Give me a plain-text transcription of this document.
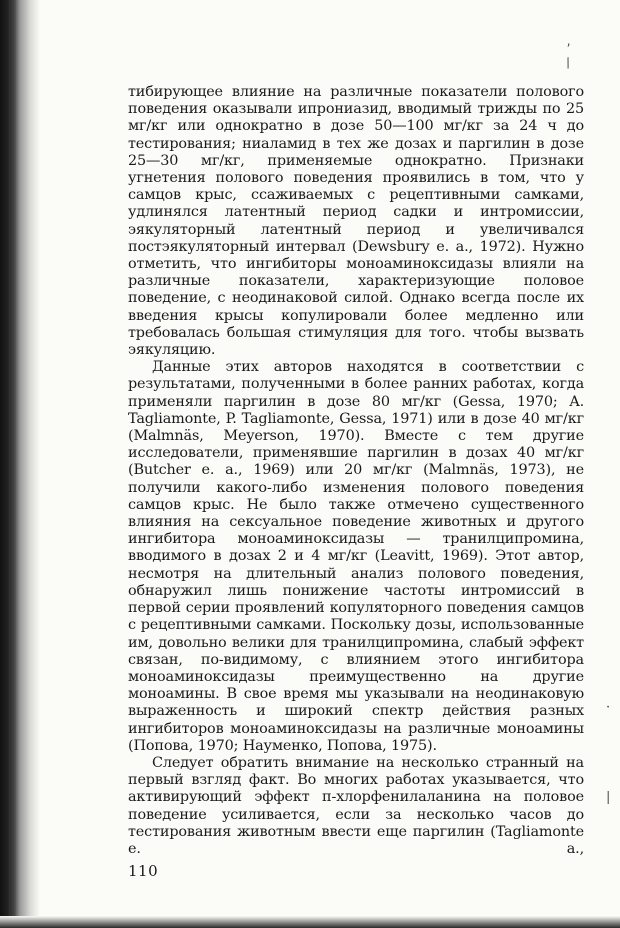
,
/
·
|

тибирующее влияние на различные показатели полового поведения оказывали ипрониазид, вводимый трижды по 25 мг/кг или однократно в дозе 50—100 мг/кг за 24 ч до тестирования; ниаламид в тех же дозах и паргилин в дозе 25—30 мг/кг, применяемые однократно. Признаки угнетения полового поведения проявились в том, что у самцов крыс, ссаживаемых с рецептивными самками, удлинялся латентный период садки и интромиссии, эякуляторный латентный период и увеличивался постэякуляторный интервал (Dewsbury e. a., 1972). Нужно отметить, что ингибиторы моноаминоксидазы влияли на различные показатели, характеризующие половое поведение, с неодинаковой силой. Однако всегда после их введения крысы копулировали более медленно или требовалась большая стимуляция для того. чтобы вызвать эякуляцию.

Данные этих авторов находятся в соответствии с результатами, полученными в более ранних работах, когда применяли паргилин в дозе 80 мг/кг (Gessa, 1970; A. Tagliamonte, P. Tagliamonte, Gessa, 1971) или в дозе 40 мг/кг (Malmnäs, Meyerson, 1970). Вместе с тем другие исследователи, применявшие паргилин в дозах 40 мг/кг (Butcher e. a., 1969) или 20 мг/кг (Malmnäs, 1973), не получили какого-либо изменения полового поведения самцов крыс. Не было также отмечено существенного влияния на сексуальное поведение животных и другого ингибитора моноаминоксидазы — транилципромина, вводимого в дозах 2 и 4 мг/кг (Leavitt, 1969). Этот автор, несмотря на длительный анализ полового поведения, обнаружил лишь понижение частоты интромиссий в первой серии проявлений копуляторного поведения самцов с рецептивными самками. Поскольку дозы, использованные им, довольно велики для транилципромина, слабый эффект связан, по-видимому, с влиянием этого ингибитора моноаминоксидазы преимущественно на другие моноамины. В свое время мы указывали на неодинаковую выраженность и широкий спектр действия разных ингибиторов моноаминоксидазы на различные моноамины (Попова, 1970; Науменко, Попова, 1975).

Следует обратить внимание на несколько странный на первый взгляд факт. Во многих работах указывается, что активирующий эффект п-хлорфенилаланина на половое поведение усиливается, если за несколько часов до тестирования животным ввести еще паргилин (Tagliamonte e. a.,

110
